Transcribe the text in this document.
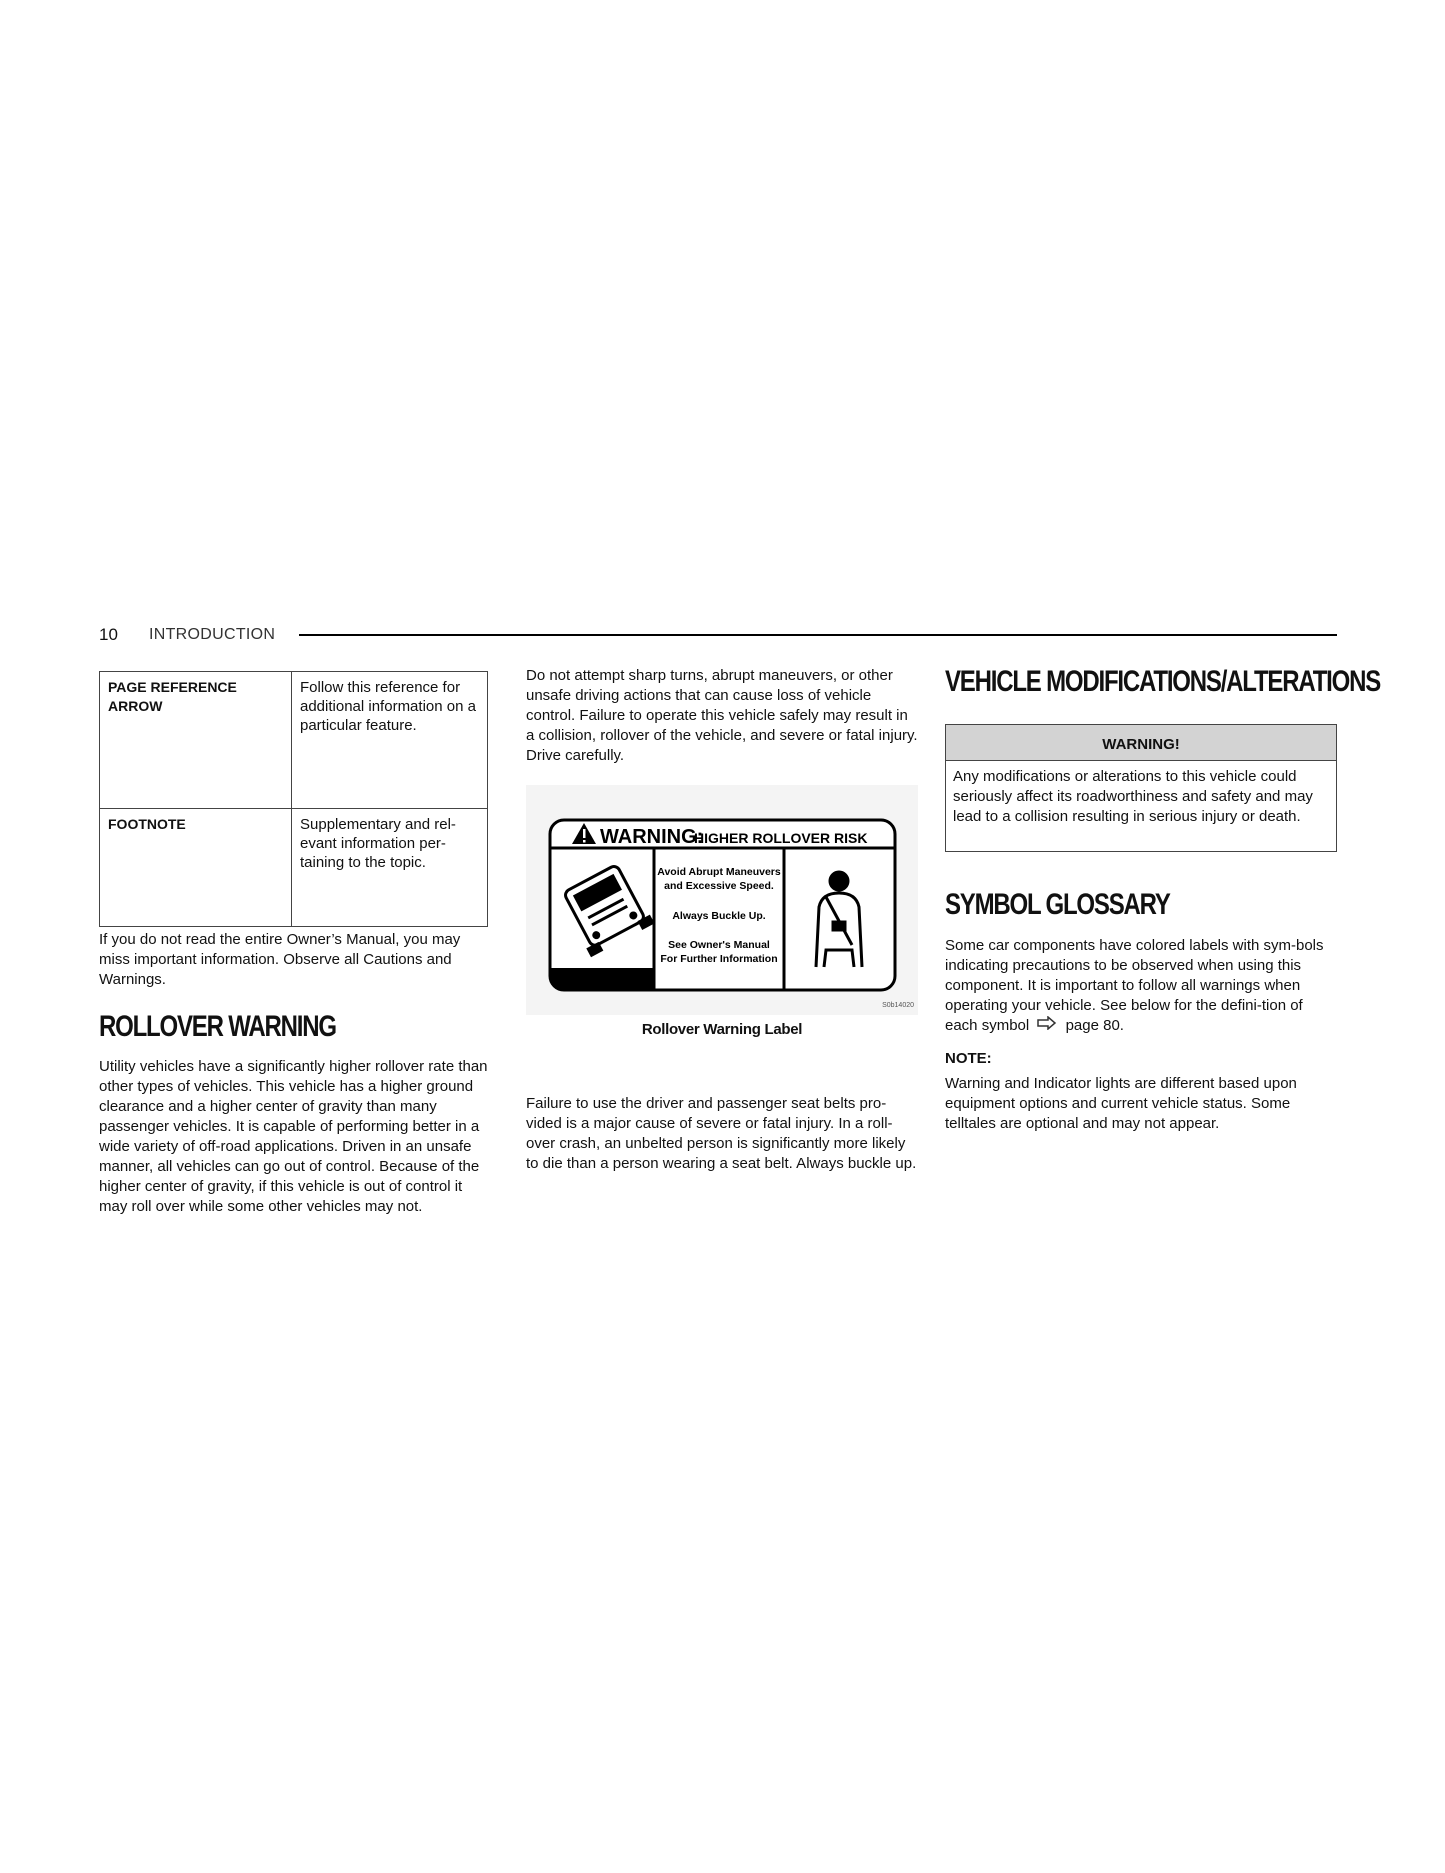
10 INTRODUCTION
PAGE REFERENCE ARROW	Follow this reference for additional information on a particular feature.
FOOTNOTE	Supplementary and rel-evant information per-taining to the topic.

If you do not read the entire Owner’s Manual, you may miss important information. Observe all Cautions and Warnings.

ROLLOVER WARNING

Utility vehicles have a significantly higher rollover rate than other types of vehicles. This vehicle has a higher ground clearance and a higher center of gravity than many passenger vehicles. It is capable of performing better in a wide variety of off-road applications. Driven in an unsafe manner, all vehicles can go out of control. Because of the higher center of gravity, if this vehicle is out of control it may roll over while some other vehicles may not.

Do not attempt sharp turns, abrupt maneuvers, or other unsafe driving actions that can cause loss of vehicle control. Failure to operate this vehicle safely may result in a collision, rollover of the vehicle, and severe or fatal injury. Drive carefully.

WARNING:
HIGHER ROLLOVER RISK
Avoid Abrupt Maneuvers
and Excessive Speed.
Always Buckle Up.
See Owner's Manual
For Further Information
S0b14020
Rollover Warning Label

Failure to use the driver and passenger seat belts pro-vided is a major cause of severe or fatal injury. In a roll-over crash, an unbelted person is significantly more likely to die than a person wearing a seat belt. Always buckle up.

VEHICLE MODIFICATIONS/ALTERATIONS
WARNING!
Any modifications or alterations to this vehicle could seriously affect its roadworthiness and safety and may lead to a collision resulting in serious injury or death.
SYMBOL GLOSSARY

Some car components have colored labels with sym-bols indicating precautions to be observed when using this component. It is important to follow all warnings when operating your vehicle. See below for the defini-tion of each symbol page 80.

NOTE:

Warning and Indicator lights are different based upon equipment options and current vehicle status. Some telltales are optional and may not appear.
